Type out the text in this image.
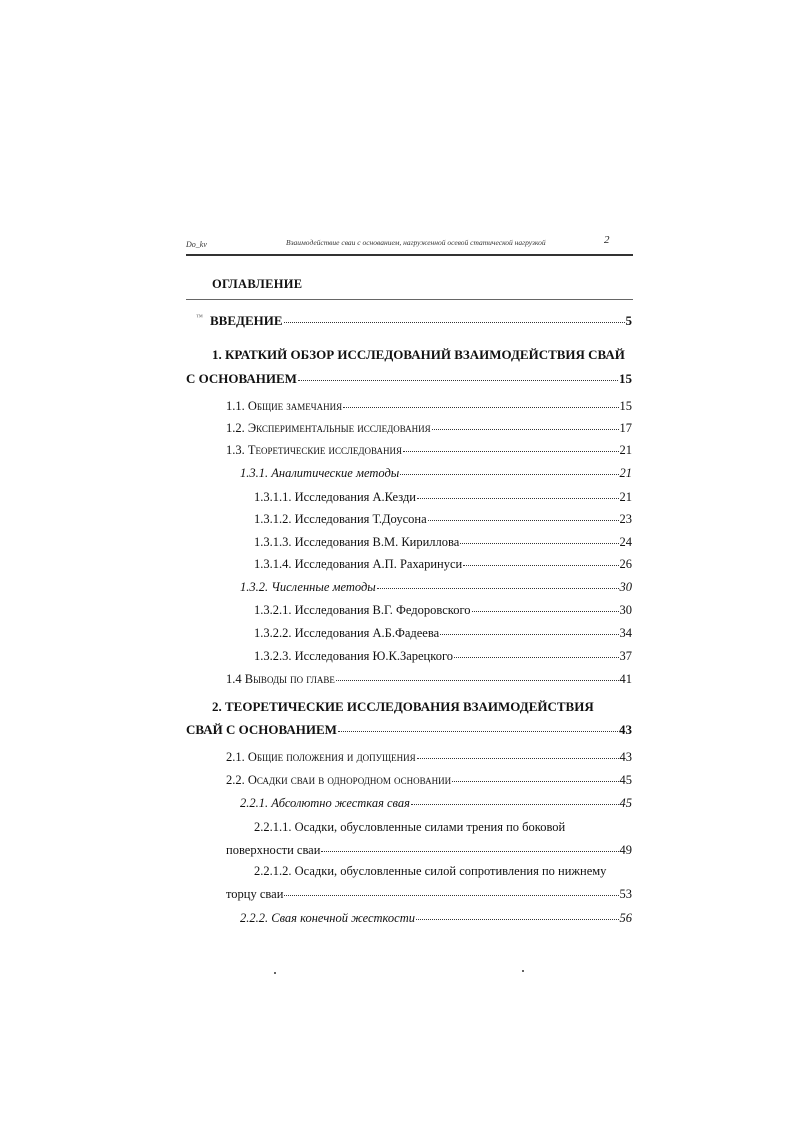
Do_kv	Взаимодействие сваи с основанием, нагруженной осевой статической нагрузкой	2
ОГЛАВЛЕНИЕ
™ ВВЕДЕНИЕ	5
1. КРАТКИЙ ОБЗОР ИССЛЕДОВАНИЙ ВЗАИМОДЕЙСТВИЯ СВАЙ
С ОСНОВАНИЕМ	15
1.1. Общие замечания	15
1.2. Экспериментальные исследования	17
1.3. Теоретические исследования	21
1.3.1. Аналитические методы	21
1.3.1.1. Исследования А.Кезди	21
1.3.1.2. Исследования Т.Доусона	23
1.3.1.3. Исследования В.М. Кириллова	24
1.3.1.4. Исследования А.П. Рахаринуси	26
1.3.2. Численные методы	30
1.3.2.1. Исследования В.Г. Федоровского	30
1.3.2.2. Исследования А.Б.Фадеева	34
1.3.2.3. Исследования Ю.К.Зарецкого	37
1.4 Выводы по главе	41
2. ТЕОРЕТИЧЕСКИЕ ИССЛЕДОВАНИЯ ВЗАИМОДЕЙСТВИЯ
СВАЙ С ОСНОВАНИЕМ	43
2.1. Общие положения и допущения	43
2.2. Осадки сваи в однородном основании	45
2.2.1. Абсолютно жесткая свая	45
2.2.1.1. Осадки, обусловленные силами трения по боковой
поверхности сваи	49
2.2.1.2. Осадки, обусловленные силой сопротивления по нижнему
торцу сваи	53
2.2.2. Свая конечной жесткости	56
